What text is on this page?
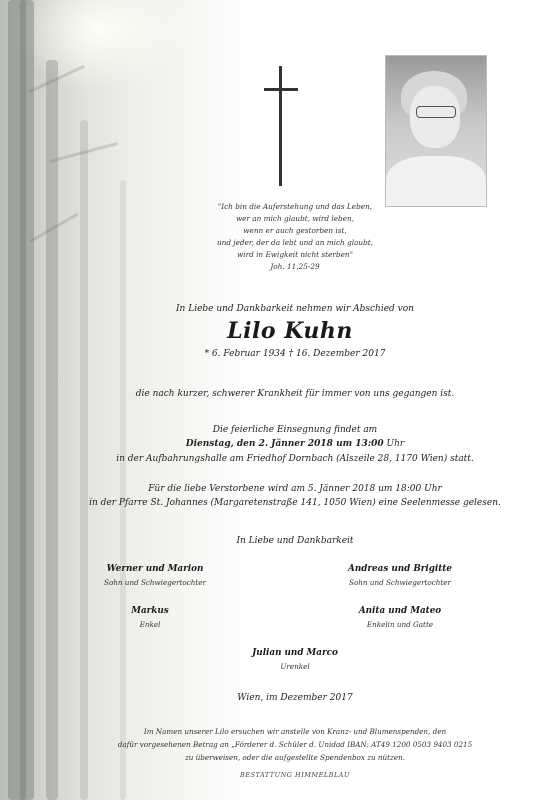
"Ich bin die Auferstehung und das Leben,
wer an mich glaubt, wird leben,
wenn er auch gestorben ist,
und jeder, der da lebt und an mich glaubt,
wird in Ewigkeit nicht sterben"
Joh. 11,25-29
In Liebe und Dankbarkeit nehmen wir Abschied von
Lilo Kuhn
* 6. Februar 1934 † 16. Dezember 2017
die nach kurzer, schwerer Krankheit für immer von uns gegangen ist.
Die feierliche Einsegnung findet am
Dienstag, den 2. Jänner 2018 um 13:00 Uhr
in der Aufbahrungshalle am Friedhof Dornbach (Alszeile 28, 1170 Wien) statt.
Für die liebe Verstorbene wird am 5. Jänner 2018 um 18:00 Uhr
in der Pfarre St. Johannes (Margaretenstraße 141, 1050 Wien) eine Seelenmesse gelesen.
In Liebe und Dankbarkeit
Werner und Marion
Sohn und Schwiegertochter
Andreas und Brigitte
Sohn und Schwiegertochter
Markus
Enkel
Anita und Mateo
Enkelin und Gatte
Julian und Marco
Urenkel
Wien, im Dezember 2017
Im Namen unserer Lilo ersuchen wir anstelle von Kranz- und Blumenspenden, den
dafür vorgesehenen Betrag an „Förderer d. Schüler d. Unidad IBAN: AT49 1200 0503 9403 0215
zu überweisen, oder die aufgestellte Spendenbox zu nützen.
BESTATTUNG HIMMELBLAU
